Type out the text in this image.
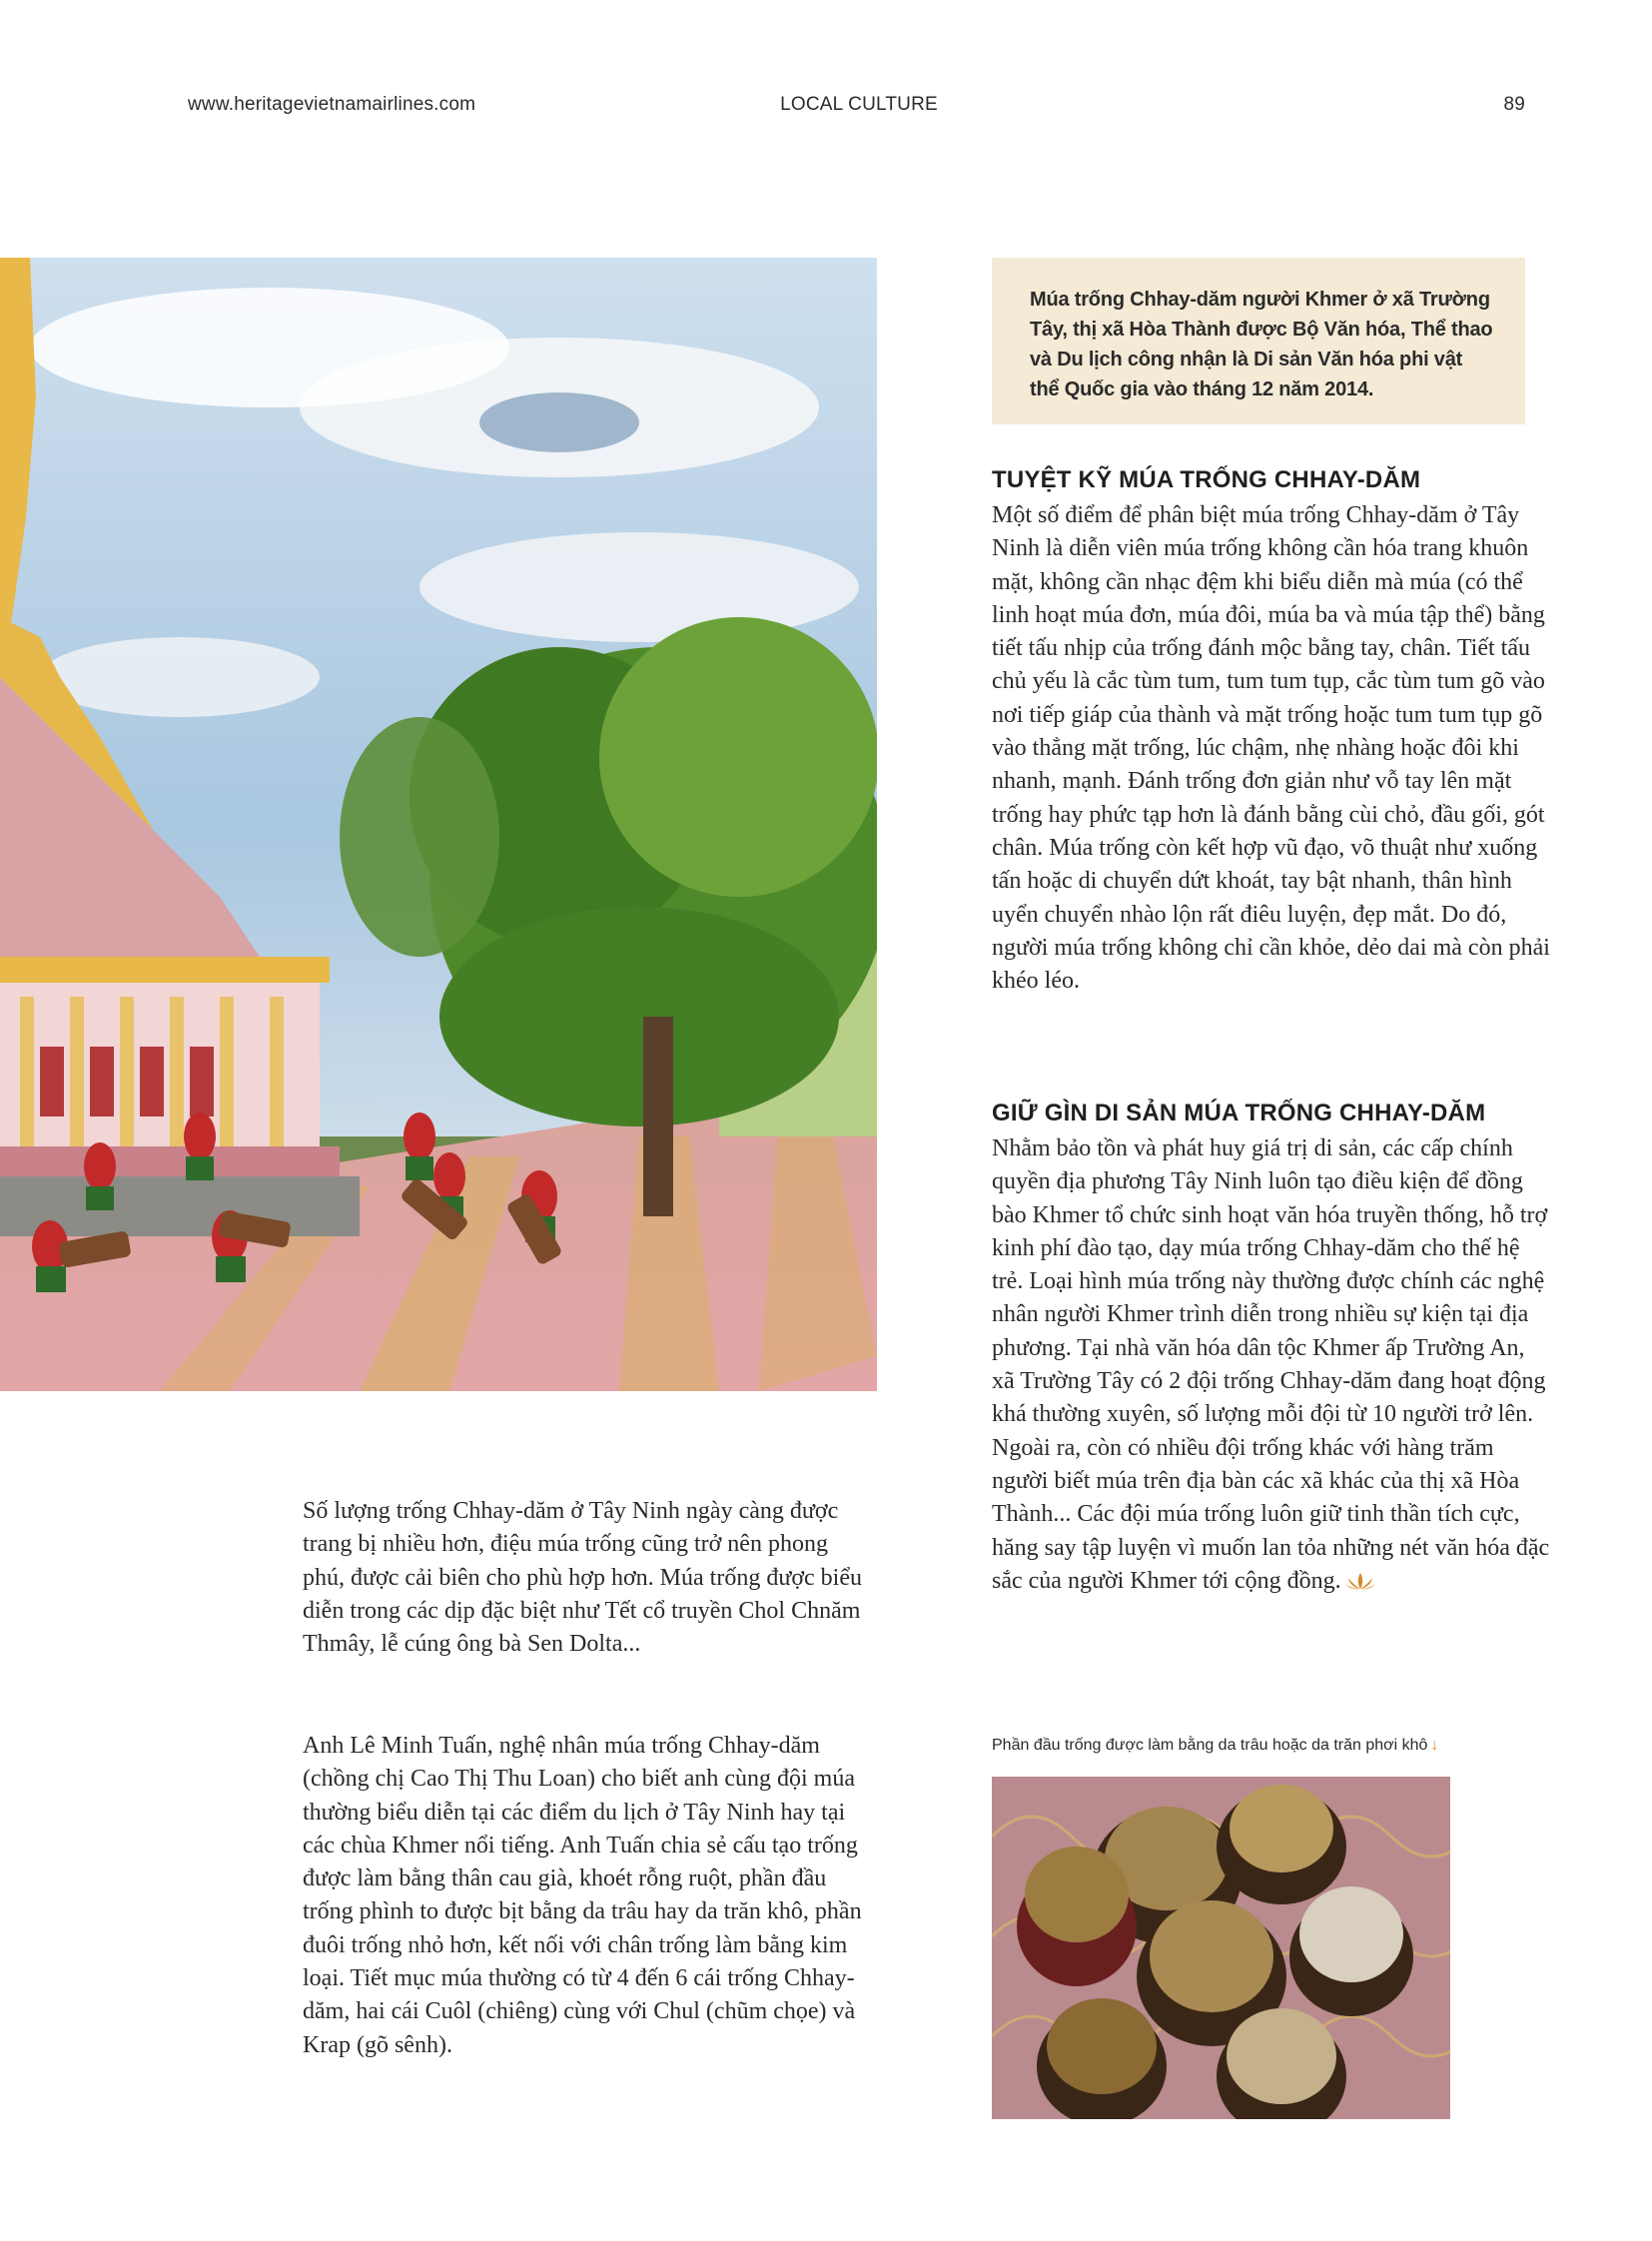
www.heritagevietnamairlines.com	LOCAL CULTURE	89
Múa trống Chhay-dăm người Khmer ở xã Trường Tây, thị xã Hòa Thành được Bộ Văn hóa, Thể thao và Du lịch công nhận là Di sản Văn hóa phi vật thể Quốc gia vào tháng 12 năm 2014.
TUYỆT KỸ MÚA TRỐNG CHHAY-DĂM

Một số điểm để phân biệt múa trống Chhay-dăm ở Tây Ninh là diễn viên múa trống không cần hóa trang khuôn mặt, không cần nhạc đệm khi biểu diễn mà múa (có thể linh hoạt múa đơn, múa đôi, múa ba và múa tập thể) bằng tiết tấu nhịp của trống đánh mộc bằng tay, chân. Tiết tấu chủ yếu là cắc tùm tum, tum tum tụp, cắc tùm tum gõ vào nơi tiếp giáp của thành và mặt trống hoặc tum tum tụp gõ vào thẳng mặt trống, lúc chậm, nhẹ nhàng hoặc đôi khi nhanh, mạnh. Đánh trống đơn giản như vỗ tay lên mặt trống hay phức tạp hơn là đánh bằng cùi chỏ, đầu gối, gót chân. Múa trống còn kết hợp vũ đạo, võ thuật như xuống tấn hoặc di chuyển dứt khoát, tay bật nhanh, thân hình uyển chuyển nhào lộn rất điêu luyện, đẹp mắt. Do đó, người múa trống không chỉ cần khỏe, dẻo dai mà còn phải khéo léo.

GIỮ GÌN DI SẢN MÚA TRỐNG CHHAY-DĂM

Nhằm bảo tồn và phát huy giá trị di sản, các cấp chính quyền địa phương Tây Ninh luôn tạo điều kiện để đồng bào Khmer tổ chức sinh hoạt văn hóa truyền thống, hỗ trợ kinh phí đào tạo, dạy múa trống Chhay-dăm cho thế hệ trẻ. Loại hình múa trống này thường được chính các nghệ nhân người Khmer trình diễn trong nhiều sự kiện tại địa phương. Tại nhà văn hóa dân tộc Khmer ấp Trường An, xã Trường Tây có 2 đội trống Chhay-dăm đang hoạt động khá thường xuyên, số lượng mỗi đội từ 10 người trở lên. Ngoài ra, còn có nhiều đội trống khác với hàng trăm người biết múa trên địa bàn các xã khác của thị xã Hòa Thành... Các đội múa trống luôn giữ tinh thần tích cực, hăng say tập luyện vì muốn lan tỏa những nét văn hóa đặc sắc của người Khmer tới cộng đồng.

Số lượng trống Chhay-dăm ở Tây Ninh ngày càng được trang bị nhiều hơn, điệu múa trống cũng trở nên phong phú, được cải biên cho phù hợp hơn. Múa trống được biểu diễn trong các dịp đặc biệt như Tết cổ truyền Chol Chnăm Thmây, lễ cúng ông bà Sen Dolta...

Anh Lê Minh Tuấn, nghệ nhân múa trống Chhay-dăm (chồng chị Cao Thị Thu Loan) cho biết anh cùng đội múa thường biểu diễn tại các điểm du lịch ở Tây Ninh hay tại các chùa Khmer nổi tiếng. Anh Tuấn chia sẻ cấu tạo trống được làm bằng thân cau già, khoét rỗng ruột, phần đầu trống phình to được bịt bằng da trâu hay da trăn khô, phần đuôi trống nhỏ hơn, kết nối với chân trống làm bằng kim loại. Tiết mục múa thường có từ 4 đến 6 cái trống Chhay-dăm, hai cái Cuôl (chiêng) cùng với Chul (chũm chọe) và Krap (gõ sênh).

Phần đầu trống được làm bằng da trâu hoặc da trăn phơi khô ↓
